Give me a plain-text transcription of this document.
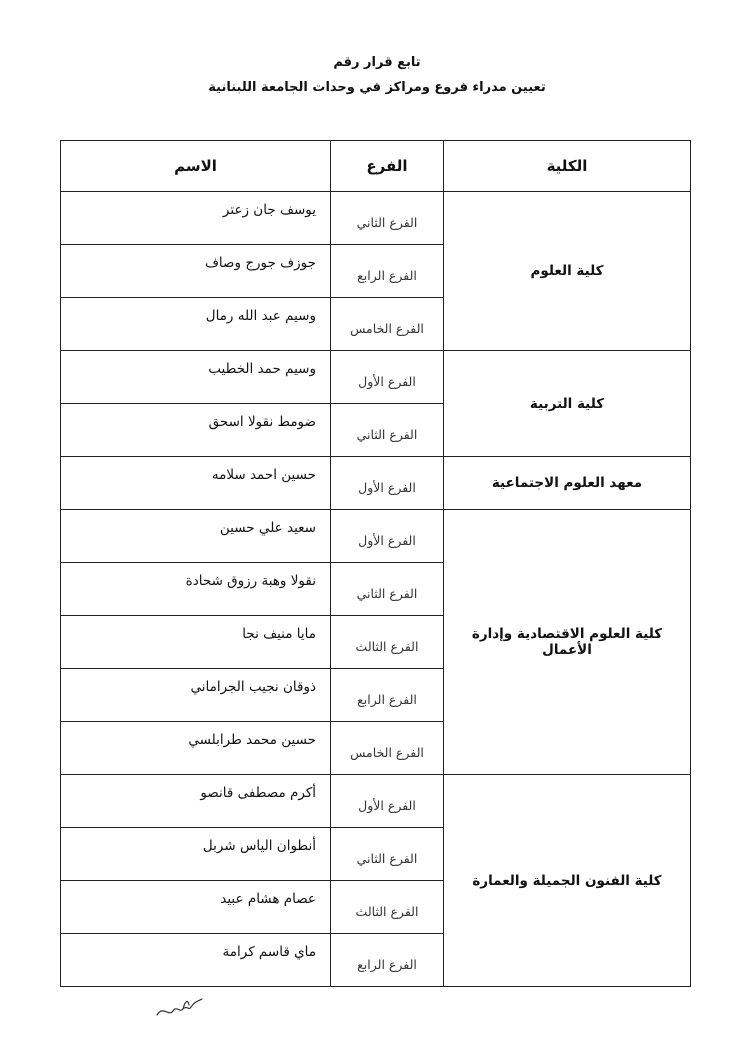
تابع قرار رقم
تعيين مدراء فروع ومراكز في وحدات الجامعة اللبنانية
الكلية	الفرع	الاسم
كلية العلوم	الفرع الثاني	يوسف جان زعتر
	الفرع الرابع	جوزف جورج وصاف
	الفرع الخامس	وسيم عبد الله رمال
كلية التربية	الفرع الأول	وسيم حمد الخطيب
	الفرع الثاني	ضومط نقولا اسحق
معهد العلوم الاجتماعية	الفرع الأول	حسين احمد سلامه
كلية العلوم الاقتصادية وإدارة الأعمال	الفرع الأول	سعيد علي حسين
	الفرع الثاني	نقولا وهبة رزوق شحادة
	الفرع الثالث	مايا منيف نجا
	الفرع الرابع	ذوقان نجيب الجراماني
	الفرع الخامس	حسين محمد طرابلسي
كلية الفنون الجميلة والعمارة	الفرع الأول	أكرم مصطفى قانصو
	الفرع الثاني	أنطوان الياس شربل
	الفرع الثالث	عصام هشام عبيد
	الفرع الرابع	ماي قاسم كرامة
